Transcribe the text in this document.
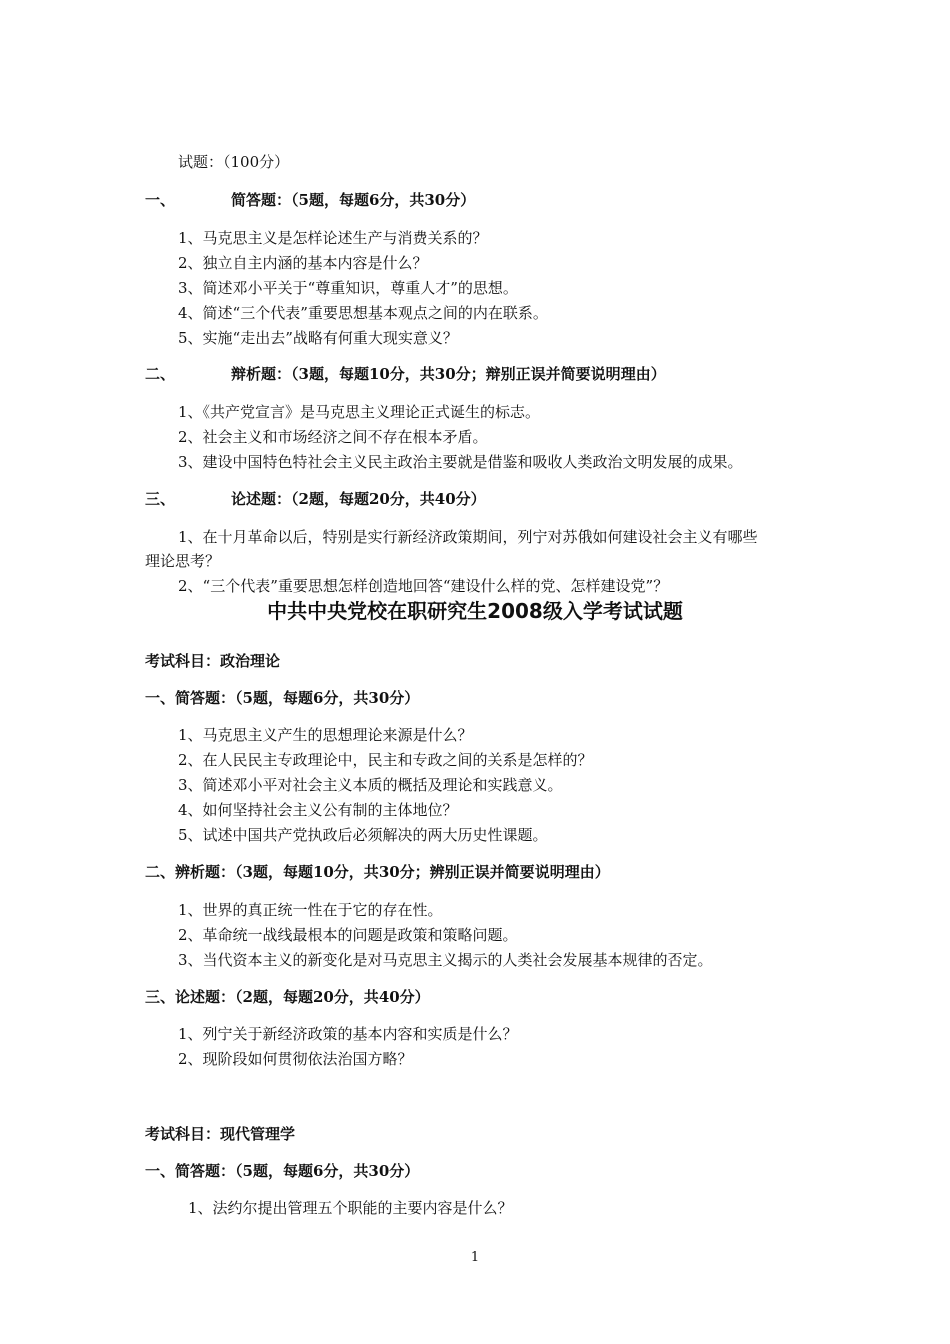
试题：（100分）
一、	简答题：（5题，每题6分，共30分）
1、马克思主义是怎样论述生产与消费关系的？
2、独立自主内涵的基本内容是什么？
3、简述邓小平关于“尊重知识，尊重人才”的思想。
4、简述“三个代表”重要思想基本观点之间的内在联系。
5、实施“走出去”战略有何重大现实意义？
二、	辩析题：（3题，每题10分，共30分；辩别正误并简要说明理由）
1、《共产党宣言》是马克思主义理论正式诞生的标志。
2、社会主义和市场经济之间不存在根本矛盾。
3、建设中国特色特社会主义民主政治主要就是借鉴和吸收人类政治文明发展的成果。
三、	论述题：（2题，每题20分，共40分）
1、在十月革命以后，特别是实行新经济政策期间，列宁对苏俄如何建设社会主义有哪些
理论思考？
2、“三个代表”重要思想怎样创造地回答“建设什么样的党、怎样建设党”？
中共中央党校在职研究生2008级入学考试试题
考试科目：政治理论
一、简答题：（5题，每题6分，共30分）
1、马克思主义产生的思想理论来源是什么？
2、在人民民主专政理论中，民主和专政之间的关系是怎样的？
3、简述邓小平对社会主义本质的概括及理论和实践意义。
4、如何坚持社会主义公有制的主体地位？
5、试述中国共产党执政后必须解决的两大历史性课题。
二、辨析题：（3题，每题10分，共30分；辨别正误并简要说明理由）
1、世界的真正统一性在于它的存在性。
2、革命统一战线最根本的问题是政策和策略问题。
3、当代资本主义的新变化是对马克思主义揭示的人类社会发展基本规律的否定。
三、论述题：（2题，每题20分，共40分）
1、列宁关于新经济政策的基本内容和实质是什么？
2、现阶段如何贯彻依法治国方略？
考试科目：现代管理学
一、简答题：（5题，每题6分，共30分）
1、法约尔提出管理五个职能的主要内容是什么？
1
